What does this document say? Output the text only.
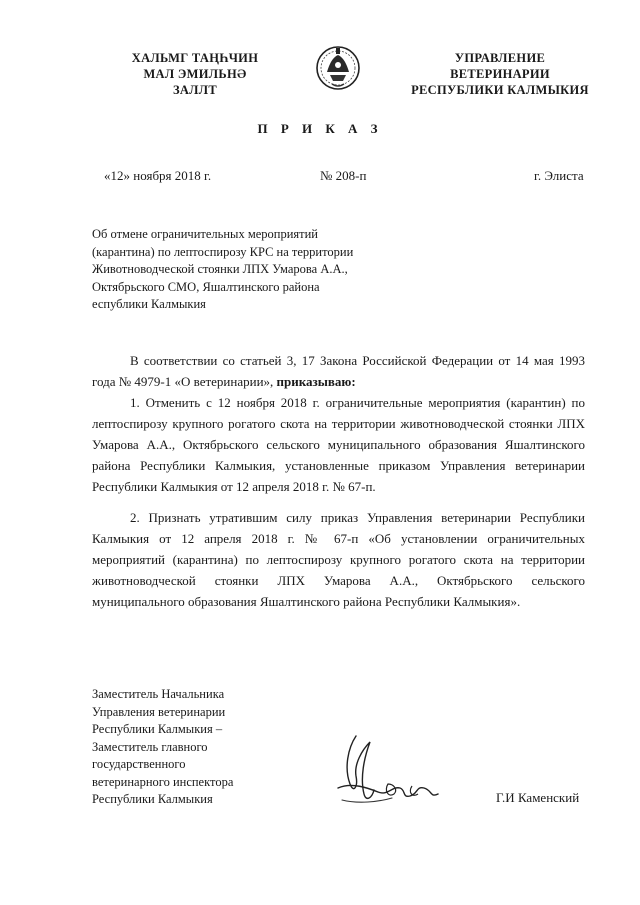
ХАЛЬМГ ТАҢҺЧИН
МАЛ ЭМИЛЬНӘ
ЗАЛЛТ
УПРАВЛЕНИЕ
ВЕТЕРИНАРИИ
РЕСПУБЛИКИ КАЛМЫКИЯ
П Р И К А З
«12» ноября 2018 г.	№ 208-п	г. Элиста
Об отмене ограничительных мероприятий
(карантина) по лептоспирозу КРС на территории
Животноводческой стоянки ЛПХ Умарова А.А.,
Октябрьского СМО, Яшалтинского района
еспублики Калмыкия

В соответствии со статьей 3, 17 Закона Российской Федерации от 14 мая 1993 года № 4979-1 «О ветеринарии», приказываю:

1. Отменить с 12 ноября 2018 г. ограничительные мероприятия (карантин) по лептоспирозу крупного рогатого скота на территории животноводческой стоянки ЛПХ Умарова А.А., Октябрьского сельского муниципального образования Яшалтинского района Республики Калмыкия, установленные приказом Управления ветеринарии Республики Калмыкия от 12 апреля 2018 г. № 67-п.

2. Признать утратившим силу приказ Управления ветеринарии Республики Калмыкия от 12 апреля 2018 г. № 67-п «Об установлении ограничительных мероприятий (карантина) по лептоспирозу крупного рогатого скота на территории животноводческой стоянки ЛПХ Умарова А.А., Октябрьского сельского муниципального образования Яшалтинского района Республики Калмыкия».

Заместитель Начальника
Управления ветеринарии
Республики Калмыкия –
Заместитель главного
государственного
ветеринарного инспектора
Республики Калмыкия	Г.И Каменский
